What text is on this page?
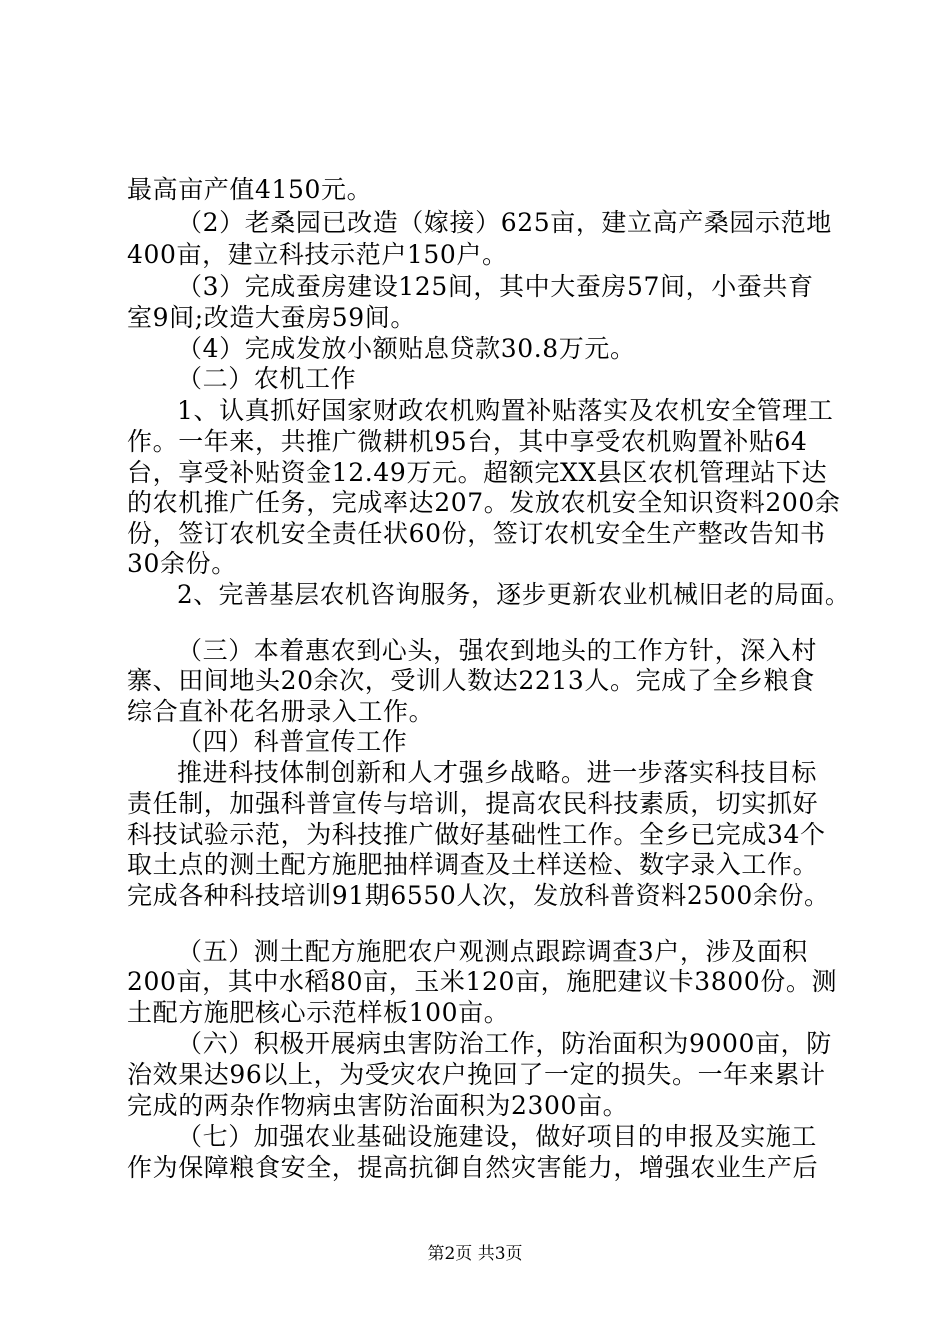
最高亩产值4150元。
（2）老桑园已改造（嫁接）625亩，建立高产桑园示范地
400亩，建立科技示范户150户。
（3）完成蚕房建设125间，其中大蚕房57间，小蚕共育
室9间;改造大蚕房59间。
（4）完成发放小额贴息贷款30.8万元。
（二）农机工作
1、认真抓好国家财政农机购置补贴落实及农机安全管理工
作。一年来，共推广微耕机95台，其中享受农机购置补贴64
台，享受补贴资金12.49万元。超额完XX县区农机管理站下达
的农机推广任务，完成率达207。发放农机安全知识资料200余
份，签订农机安全责任状60份，签订农机安全生产整改告知书
30余份。
2、完善基层农机咨询服务，逐步更新农业机械旧老的局面。
（三）本着惠农到心头，强农到地头的工作方针，深入村
寨、田间地头20余次，受训人数达2213人。完成了全乡粮食
综合直补花名册录入工作。
（四）科普宣传工作
推进科技体制创新和人才强乡战略。进一步落实科技目标
责任制，加强科普宣传与培训，提高农民科技素质，切实抓好
科技试验示范，为科技推广做好基础性工作。全乡已完成34个
取土点的测土配方施肥抽样调查及土样送检、数字录入工作。
完成各种科技培训91期6550人次，发放科普资料2500余份。
（五）测土配方施肥农户观测点跟踪调查3户，涉及面积
200亩，其中水稻80亩，玉米120亩，施肥建议卡3800份。测
土配方施肥核心示范样板100亩。
（六）积极开展病虫害防治工作，防治面积为9000亩，防
治效果达96以上，为受灾农户挽回了一定的损失。一年来累计
完成的两杂作物病虫害防治面积为2300亩。
（七）加强农业基础设施建设，做好项目的申报及实施工
作为保障粮食安全，提高抗御自然灾害能力，增强农业生产后
第2页 共3页
